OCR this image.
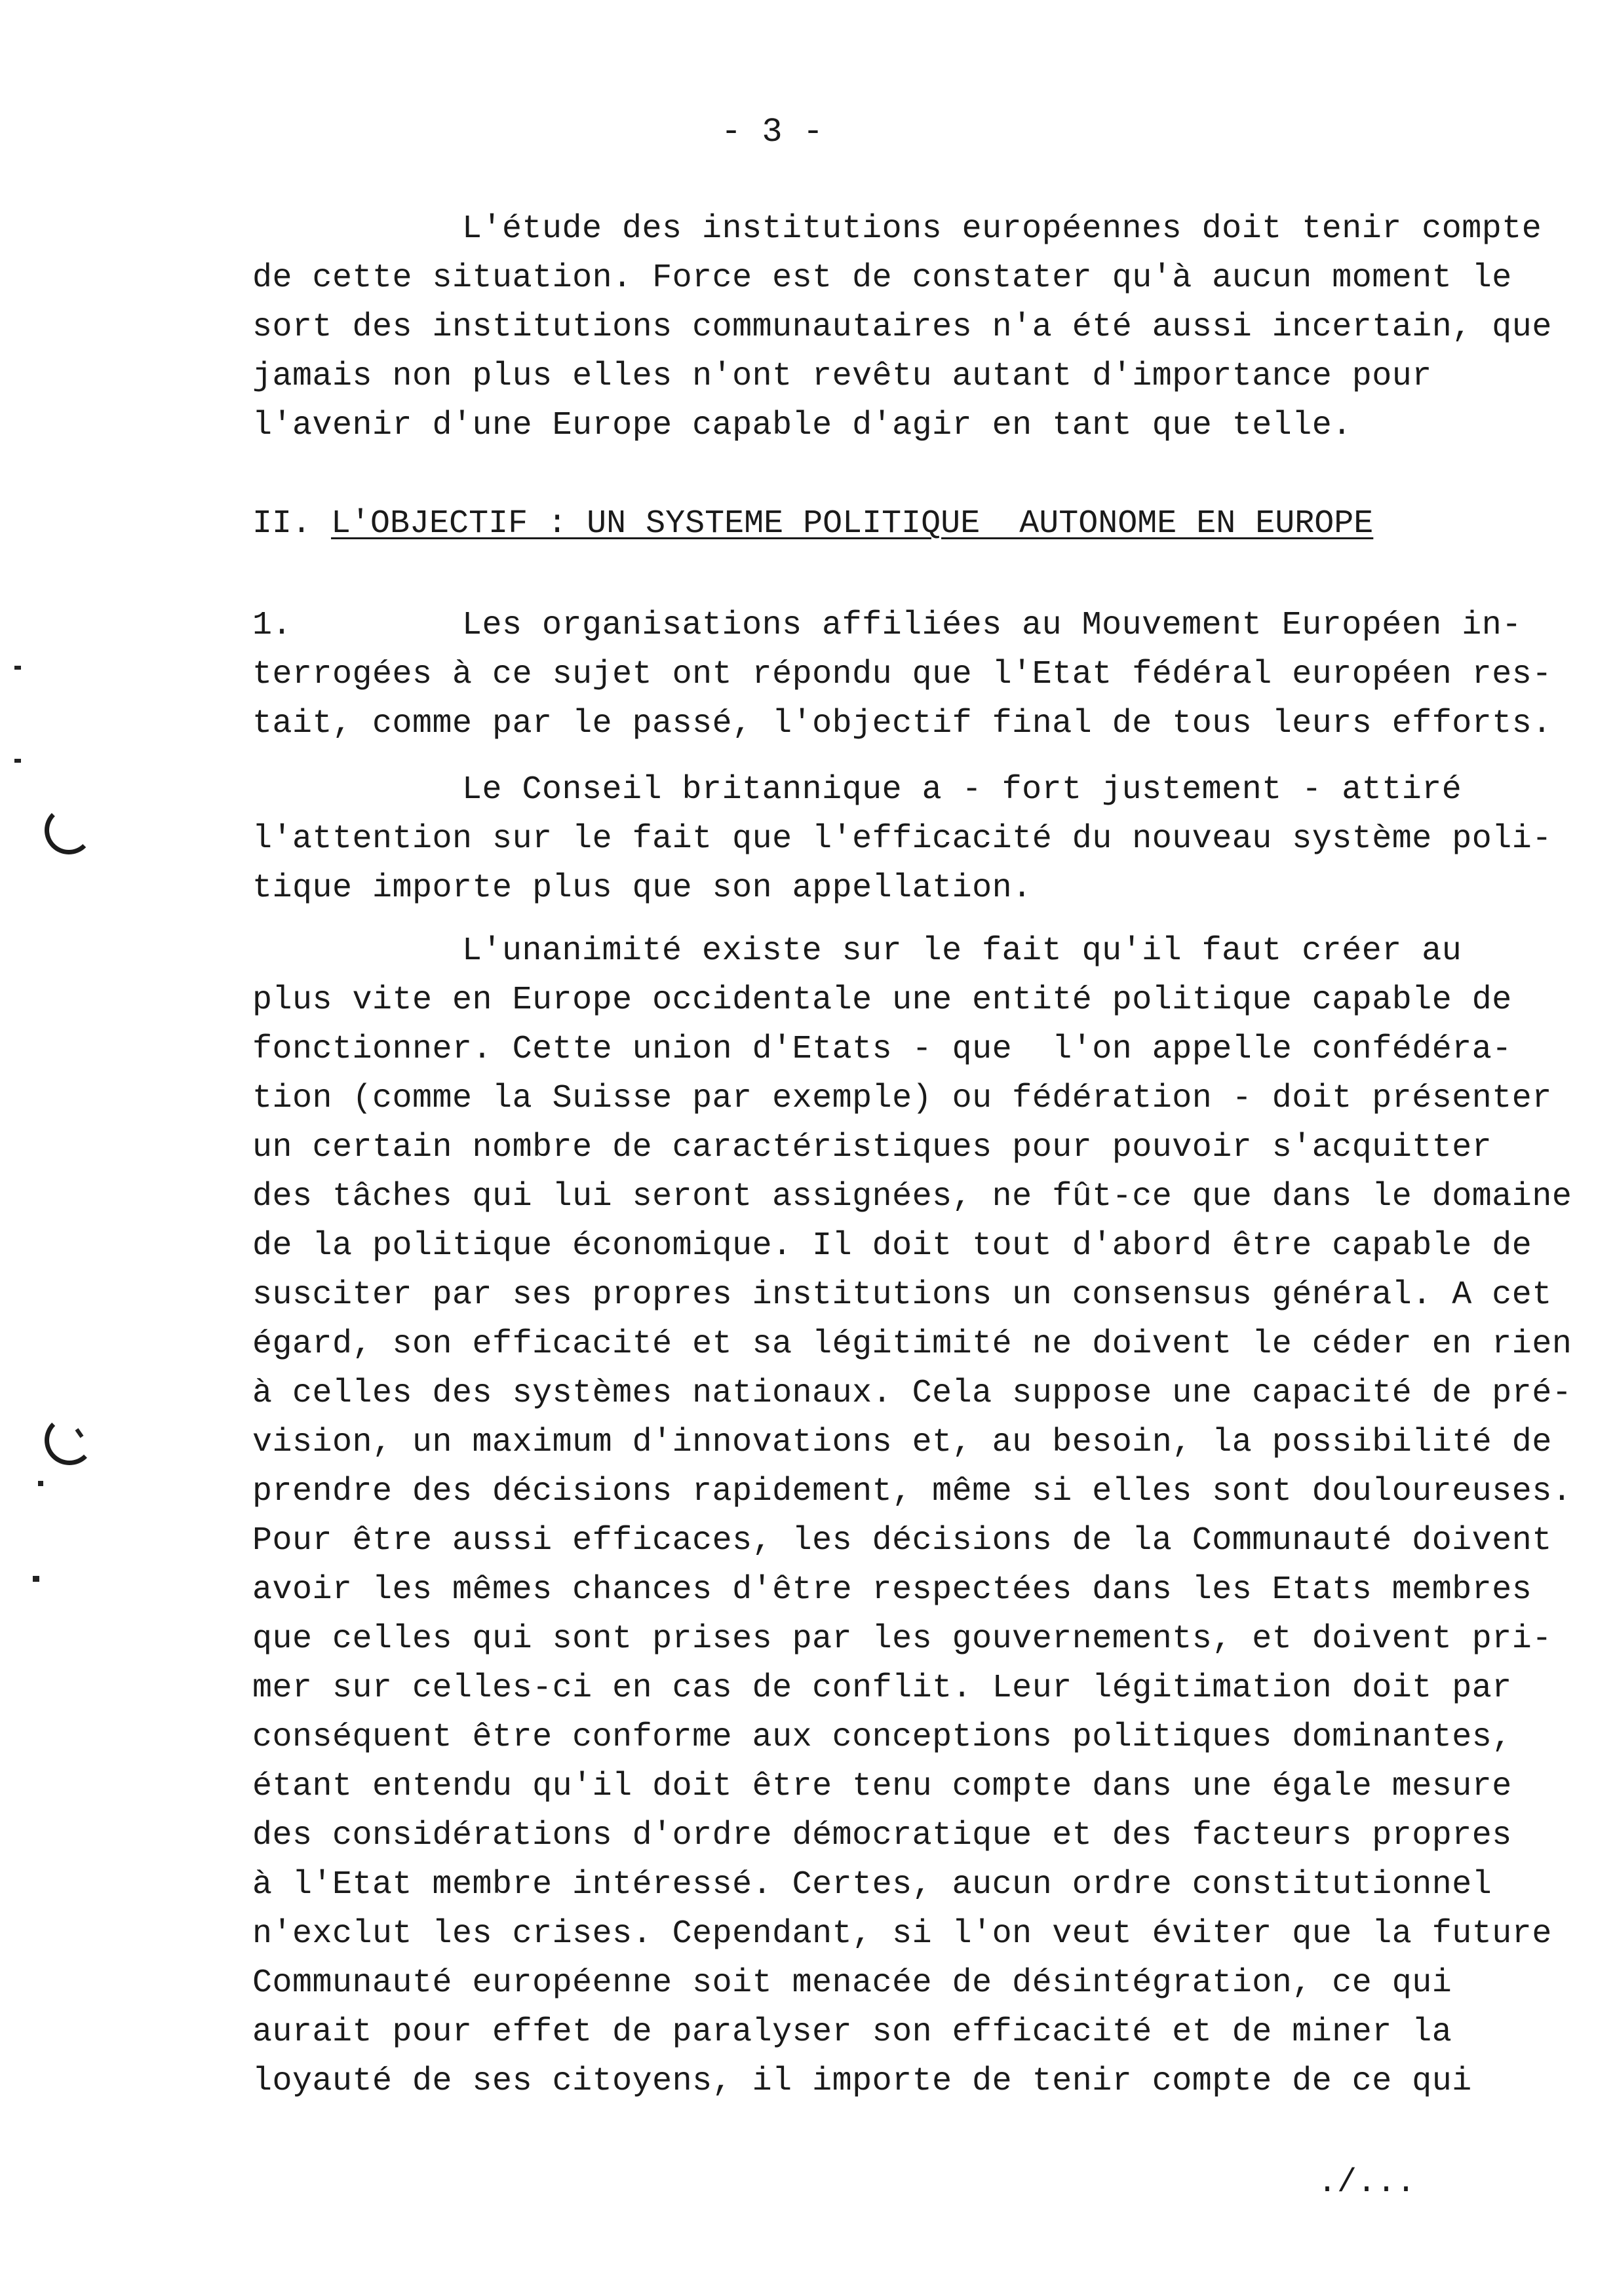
- 3 -
L'étude des institutions européennes doit tenir compte
de cette situation. Force est de constater qu'à aucun moment le
sort des institutions communautaires n'a été aussi incertain, que
jamais non plus elles n'ont revêtu autant d'importance pour
l'avenir d'une Europe capable d'agir en tant que telle.
II. L'OBJECTIF : UN SYSTEME POLITIQUE  AUTONOME EN EUROPE
1.	Les organisations affiliées au Mouvement Européen in-
terrogées à ce sujet ont répondu que l'Etat fédéral européen res-
tait, comme par le passé, l'objectif final de tous leurs efforts.
Le Conseil britannique a - fort justement - attiré
l'attention sur le fait que l'efficacité du nouveau système poli-
tique importe plus que son appellation.
L'unanimité existe sur le fait qu'il faut créer au
plus vite en Europe occidentale une entité politique capable de
fonctionner. Cette union d'Etats - que  l'on appelle confédéra-
tion (comme la Suisse par exemple) ou fédération - doit présenter
un certain nombre de caractéristiques pour pouvoir s'acquitter
des tâches qui lui seront assignées, ne fût-ce que dans le domaine
de la politique économique. Il doit tout d'abord être capable de
susciter par ses propres institutions un consensus général. A cet
égard, son efficacité et sa légitimité ne doivent le céder en rien
à celles des systèmes nationaux. Cela suppose une capacité de pré-
vision, un maximum d'innovations et, au besoin, la possibilité de
prendre des décisions rapidement, même si elles sont douloureuses.
Pour être aussi efficaces, les décisions de la Communauté doivent
avoir les mêmes chances d'être respectées dans les Etats membres
que celles qui sont prises par les gouvernements, et doivent pri-
mer sur celles-ci en cas de conflit. Leur légitimation doit par
conséquent être conforme aux conceptions politiques dominantes,
étant entendu qu'il doit être tenu compte dans une égale mesure
des considérations d'ordre démocratique et des facteurs propres
à l'Etat membre intéressé. Certes, aucun ordre constitutionnel
n'exclut les crises. Cependant, si l'on veut éviter que la future
Communauté européenne soit menacée de désintégration, ce qui
aurait pour effet de paralyser son efficacité et de miner la
loyauté de ses citoyens, il importe de tenir compte de ce qui
./...
